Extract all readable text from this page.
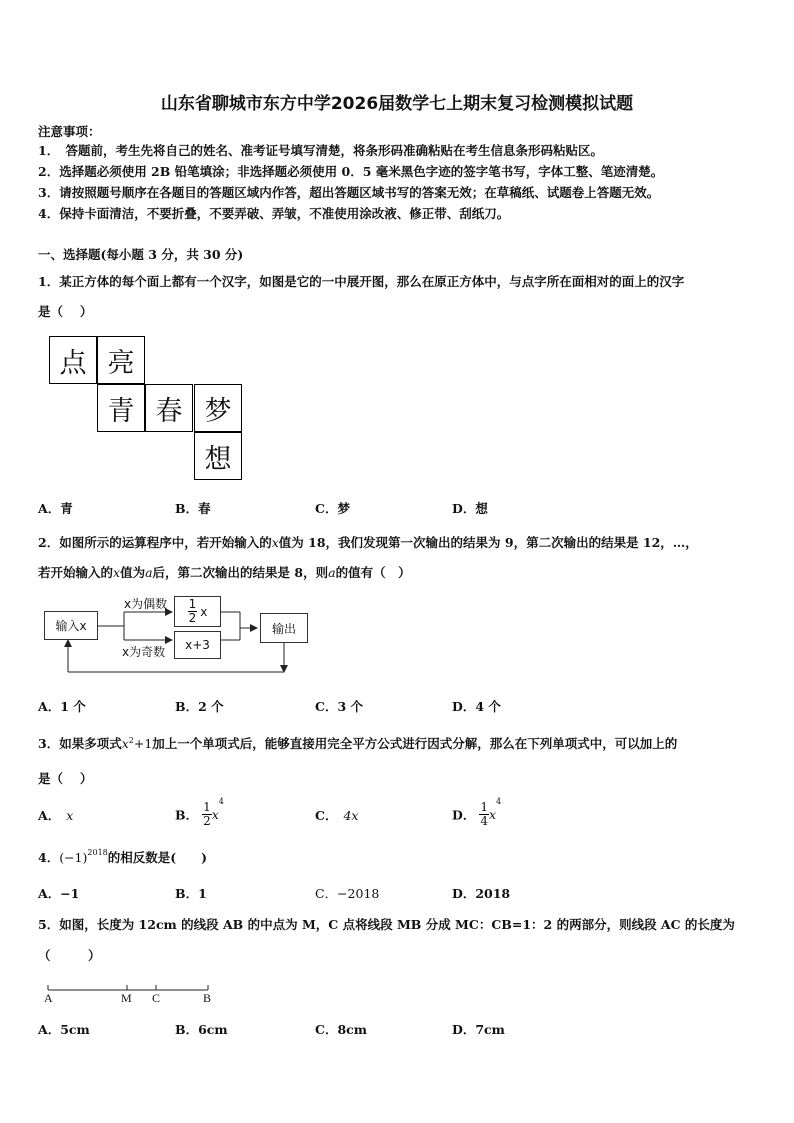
山东省聊城市东方中学2026届数学七上期末复习检测模拟试题
注意事项：
1．　答题前，考生先将自己的姓名、准考证号填写清楚，将条形码准确粘贴在考生信息条形码粘贴区。
2．选择题必须使用 2B 铅笔填涂；非选择题必须使用 0．5 毫米黑色字迹的签字笔书写，字体工整、笔迹清楚。
3．请按照题号顺序在各题目的答题区域内作答，超出答题区域书写的答案无效；在草稿纸、试题卷上答题无效。
4．保持卡面清洁，不要折叠，不要弄破、弄皱，不准使用涂改液、修正带、刮纸刀。
一、选择题(每小题 3 分，共 30 分)
1．某正方体的每个面上都有一个汉字，如图是它的一中展开图，那么在原正方体中，与点字所在面相对的面上的汉字
是（　 ）
点 亮
青 春 梦
想
A．青	B．春	C．梦	D．想
2．如图所示的运算程序中，若开始输入的x值为 18，我们发现第一次输出的结果为 9，第二次输出的结果是 12，…，
若开始输入的x值为a后，第二次输出的结果是 8，则a的值有（　）
输入x
x为偶数
x为奇数
$\frac{1}{2}$ x
x+3
输出
A．1 个	B．2 个	C．3 个	D．4 个
3．如果多项式$x^2+1$加上一个单项式后，能够直接用完全平方公式进行因式分解，那么在下列单项式中，可以加上的
是（　 ）
A． x	B． $\frac{1}{2} x^4$
C． 4x	D． $\frac{1}{4} x^4$
4．$(-1)^{2018}$的相反数是(　　)
A．−1	B．1	C．−2018	D．2018
5．如图，长度为 12cm 的线段 AB 的中点为 M，C 点将线段 MB 分成 MC：CB=1：2 的两部分，则线段 AC 的长度为
（　　　）
A	M C	B
A．5cm	B．6cm	C．8cm	D．7cm
